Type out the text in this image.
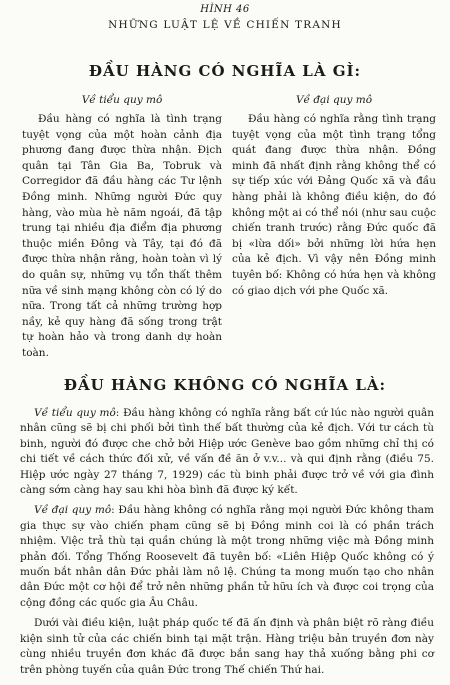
HÌNH 46
NHỮNG LUẬT LỆ VỀ CHIẾN TRANH
ĐẦU HÀNG CÓ NGHĨA LÀ GÌ:
Về tiểu quy mô

Đầu hàng có nghĩa là tình trạng tuyệt vọng của một hoàn cảnh địa phương đang được thừa nhận. Địch quân tại Tân Gia Ba, Tobruk và Corregidor đã đầu hàng các Tư lệnh Đồng minh. Những người Đức quy hàng, vào mùa hè năm ngoái, đã tập trung tại nhiều địa điểm địa phương thuộc miền Đông và Tây, tại đó đã được thừa nhận rằng, hoàn toàn vì lý do quân sự, những vụ tổn thất thêm nữa về sinh mạng không còn có lý do nữa. Trong tất cả những trường hợp nầy, kẻ quy hàng đã sống trong trật tự hoàn hảo và trong danh dự hoàn toàn.

Về đại quy mô

Đầu hàng có nghĩa rằng tình trạng tuyệt vọng của một tình trạng tổng quát đang được thừa nhận. Đồng minh đã nhất định rằng không thể có sự tiếp xúc với Đảng Quốc xã và đầu hàng phải là không điều kiện, do đó không một ai có thể nói (như sau cuộc chiến tranh trước) rằng Đức quốc đã bị «lừa dối» bởi những lời hứa hẹn của kẻ địch. Vì vậy nên Đồng minh tuyên bố: Không có hứa hẹn và không có giao dịch với phe Quốc xã.

ĐẦU HÀNG KHÔNG CÓ NGHĨA LÀ:

Về tiểu quy mô: Đầu hàng không có nghĩa rằng bất cứ lúc nào người quân nhân cũng sẽ bị chi phối bởi tình thế bất thường của kẻ địch. Với tư cách tù binh, người đó được che chở bởi Hiệp ước Genève bao gồm những chỉ thị có chi tiết về cách thức đối xử, về vấn đề ăn ở v.v... và qui định rằng (điều 75. Hiệp ước ngày 27 tháng 7, 1929) các tù binh phải được trở về với gia đình càng sớm càng hay sau khi hòa bình đã được ký kết.

Về đại quy mô: Đầu hàng không có nghĩa rằng mọi người Đức không tham gia thực sự vào chiến phạm cũng sẽ bị Đồng minh coi là có phần trách nhiệm. Việc trả thù tại quần chúng là một trong những việc mà Đồng minh phản đối. Tổng Thống Roosevelt đã tuyên bố: «Liên Hiệp Quốc không có ý muốn bắt nhân dân Đức phải làm nô lệ. Chúng ta mong muốn tạo cho nhân dân Đức một cơ hội để trở nên những phần tử hữu ích và được coi trọng của cộng đồng các quốc gia Âu Châu.

Dưới vài điều kiện, luật pháp quốc tế đã ấn định và phân biệt rõ ràng điều kiện sinh tử của các chiến binh tại mặt trận. Hàng triệu bản truyền đơn này cùng nhiều truyền đơn khác đã được bắn sang hay thả xuống bằng phi cơ trên phòng tuyến của quân Đức trong Thế chiến Thứ hai.
